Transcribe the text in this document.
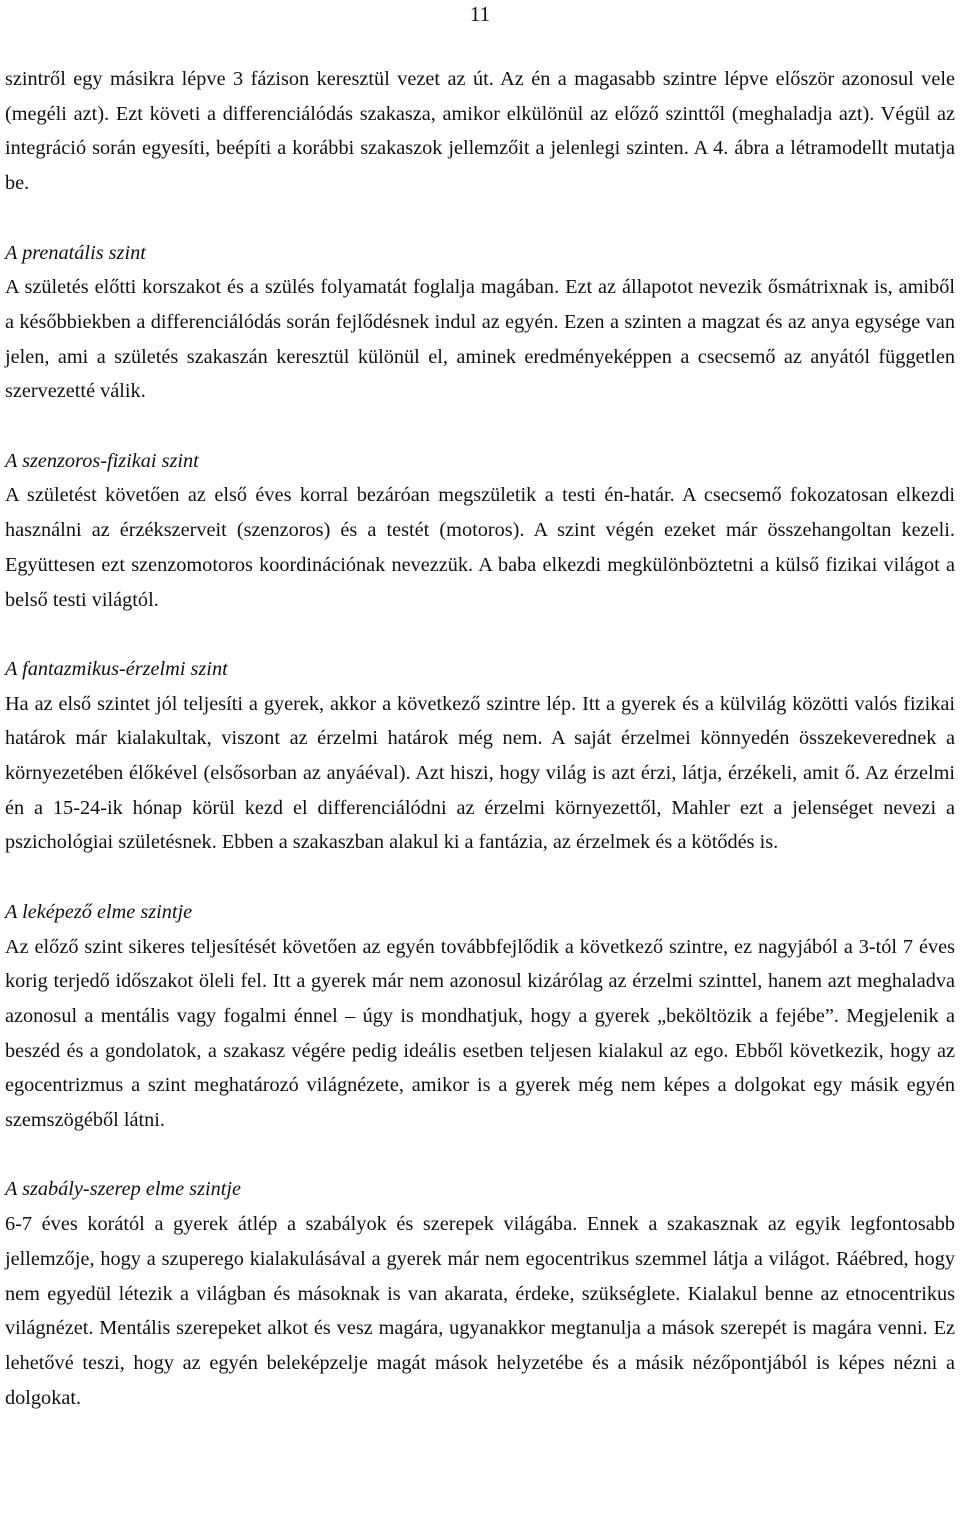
11

szintről egy másikra lépve 3 fázison keresztül vezet az út. Az én a magasabb szintre lépve először azonosul vele (megéli azt). Ezt követi a differenciálódás szakasza, amikor elkülönül az előző szinttől (meghaladja azt). Végül az integráció során egyesíti, beépíti a korábbi szakaszok jellemzőit a jelenlegi szinten. A 4. ábra a létramodellt mutatja be.

A prenatális szint

A születés előtti korszakot és a szülés folyamatát foglalja magában. Ezt az állapotot nevezik ősmátrixnak is, amiből a későbbiekben a differenciálódás során fejlődésnek indul az egyén. Ezen a szinten a magzat és az anya egysége van jelen, ami a születés szakaszán keresztül különül el, aminek eredményeképpen a csecsemő az anyától független szervezetté válik.

A szenzoros-fizikai szint

A születést követően az első éves korral bezáróan megszületik a testi én-határ. A csecsemő fokozatosan elkezdi használni az érzékszerveit (szenzoros) és a testét (motoros). A szint végén ezeket már összehangoltan kezeli. Együttesen ezt szenzomotoros koordinációnak nevezzük. A baba elkezdi megkülönböztetni a külső fizikai világot a belső testi világtól.

A fantazmikus-érzelmi szint

Ha az első szintet jól teljesíti a gyerek, akkor a következő szintre lép. Itt a gyerek és a külvilág közötti valós fizikai határok már kialakultak, viszont az érzelmi határok még nem. A saját érzelmei könnyedén összekeverednek a környezetében élőkével (elsősorban az anyáéval). Azt hiszi, hogy világ is azt érzi, látja, érzékeli, amit ő. Az érzelmi én a 15-24-ik hónap körül kezd el differenciálódni az érzelmi környezettől, Mahler ezt a jelenséget nevezi a pszichológiai születésnek. Ebben a szakaszban alakul ki a fantázia, az érzelmek és a kötődés is.

A leképező elme szintje

Az előző szint sikeres teljesítését követően az egyén továbbfejlődik a következő szintre, ez nagyjából a 3-tól 7 éves korig terjedő időszakot öleli fel. Itt a gyerek már nem azonosul kizárólag az érzelmi szinttel, hanem azt meghaladva azonosul a mentális vagy fogalmi énnel – úgy is mondhatjuk, hogy a gyerek „beköltözik a fejébe”. Megjelenik a beszéd és a gondolatok, a szakasz végére pedig ideális esetben teljesen kialakul az ego. Ebből következik, hogy az egocentrizmus a szint meghatározó világnézete, amikor is a gyerek még nem képes a dolgokat egy másik egyén szemszögéből látni.

A szabály-szerep elme szintje

6-7 éves korától a gyerek átlép a szabályok és szerepek világába. Ennek a szakasznak az egyik legfontosabb jellemzője, hogy a szuperego kialakulásával a gyerek már nem egocentrikus szemmel látja a világot. Ráébred, hogy nem egyedül létezik a világban és másoknak is van akarata, érdeke, szükséglete. Kialakul benne az etnocentrikus világnézet. Mentális szerepeket alkot és vesz magára, ugyanakkor megtanulja a mások szerepét is magára venni. Ez lehetővé teszi, hogy az egyén beleképzelje magát mások helyzetébe és a másik nézőpontjából is képes nézni a dolgokat.
